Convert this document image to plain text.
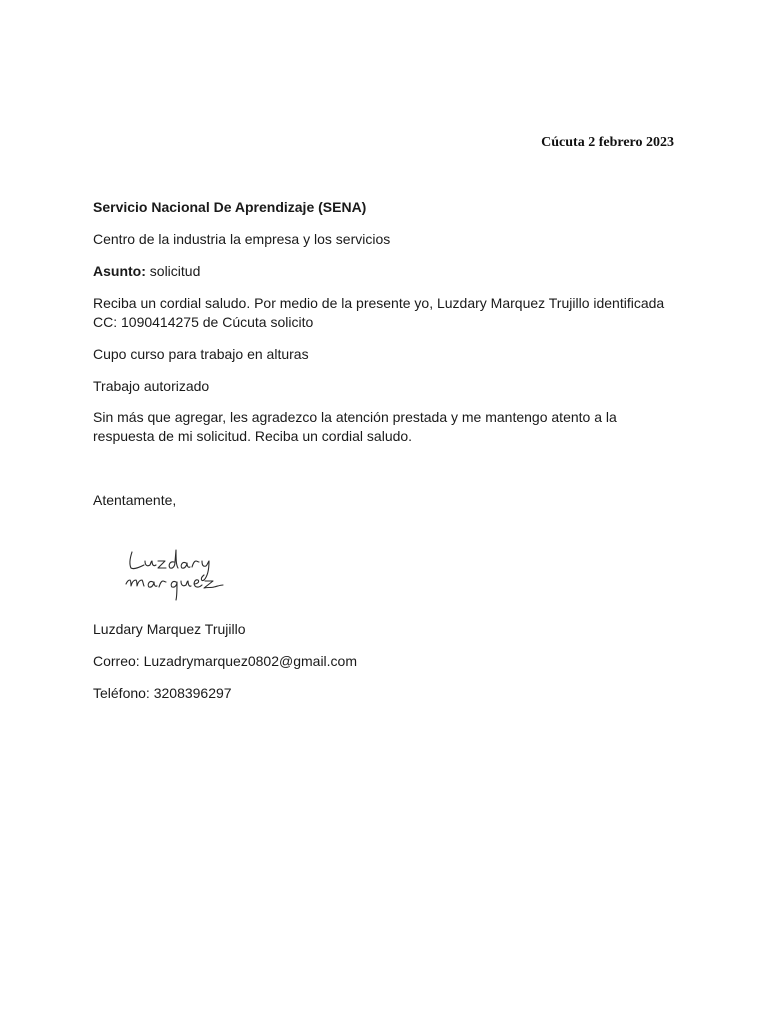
Cúcuta 2 febrero 2023
Servicio Nacional De Aprendizaje (SENA)
Centro de la industria la empresa y los servicios
Asunto: solicitud
Reciba un cordial saludo. Por medio de la presente yo, Luzdary Marquez Trujillo identificada CC: 1090414275 de Cúcuta solicito
Cupo curso para trabajo en alturas
Trabajo autorizado
Sin más que agregar, les agradezco la atención prestada y me mantengo atento a la respuesta de mi solicitud. Reciba un cordial saludo.
Atentamente,
Luzdary Marquez Trujillo
Correo: Luzadrymarquez0802@gmail.com
Teléfono: 3208396297
